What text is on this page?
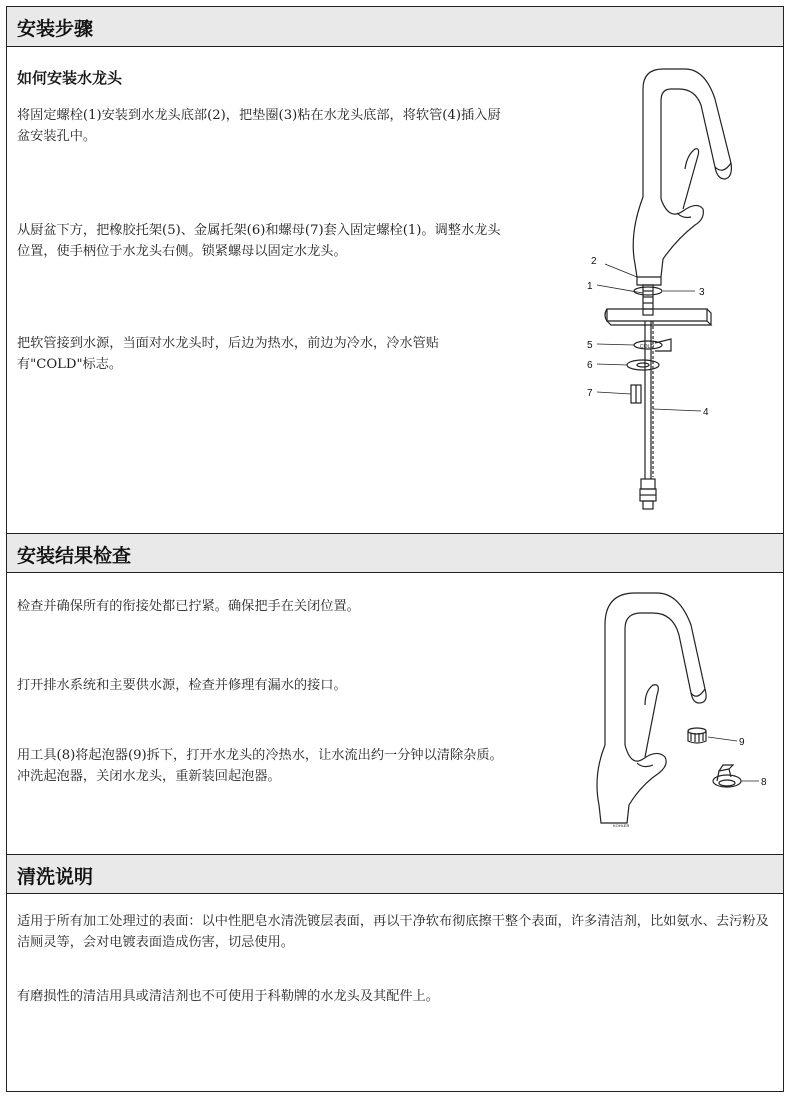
安装步骤
如何安装水龙头
将固定螺栓(1)安装到水龙头底部(2)，把垫圈(3)粘在水龙头底部，将软管(4)插入厨盆安装孔中。
从厨盆下方，把橡胶托架(5)、金属托架(6)和螺母(7)套入固定螺栓(1)。调整水龙头位置，使手柄位于水龙头右侧。锁紧螺母以固定水龙头。
把软管接到水源，当面对水龙头时，后边为热水，前边为冷水，冷水管贴有"COLD"标志。
COLD
2
1
3
5
6
7
4
安装结果检查
检查并确保所有的衔接处都已拧紧。确保把手在关闭位置。
打开排水系统和主要供水源，检查并修理有漏水的接口。
用工具(8)将起泡器(9)拆下，打开水龙头的冷热水，让水流出约一分钟以清除杂质。冲洗起泡器，关闭水龙头，重新装回起泡器。
9
8
KOHLER
清洗说明
适用于所有加工处理过的表面：以中性肥皂水清洗镀层表面，再以干净软布彻底擦干整个表面，许多清洁剂，比如氨水、去污粉及洁厕灵等，会对电镀表面造成伤害，切忌使用。
有磨损性的清洁用具或清洁剂也不可使用于科勒牌的水龙头及其配件上。
